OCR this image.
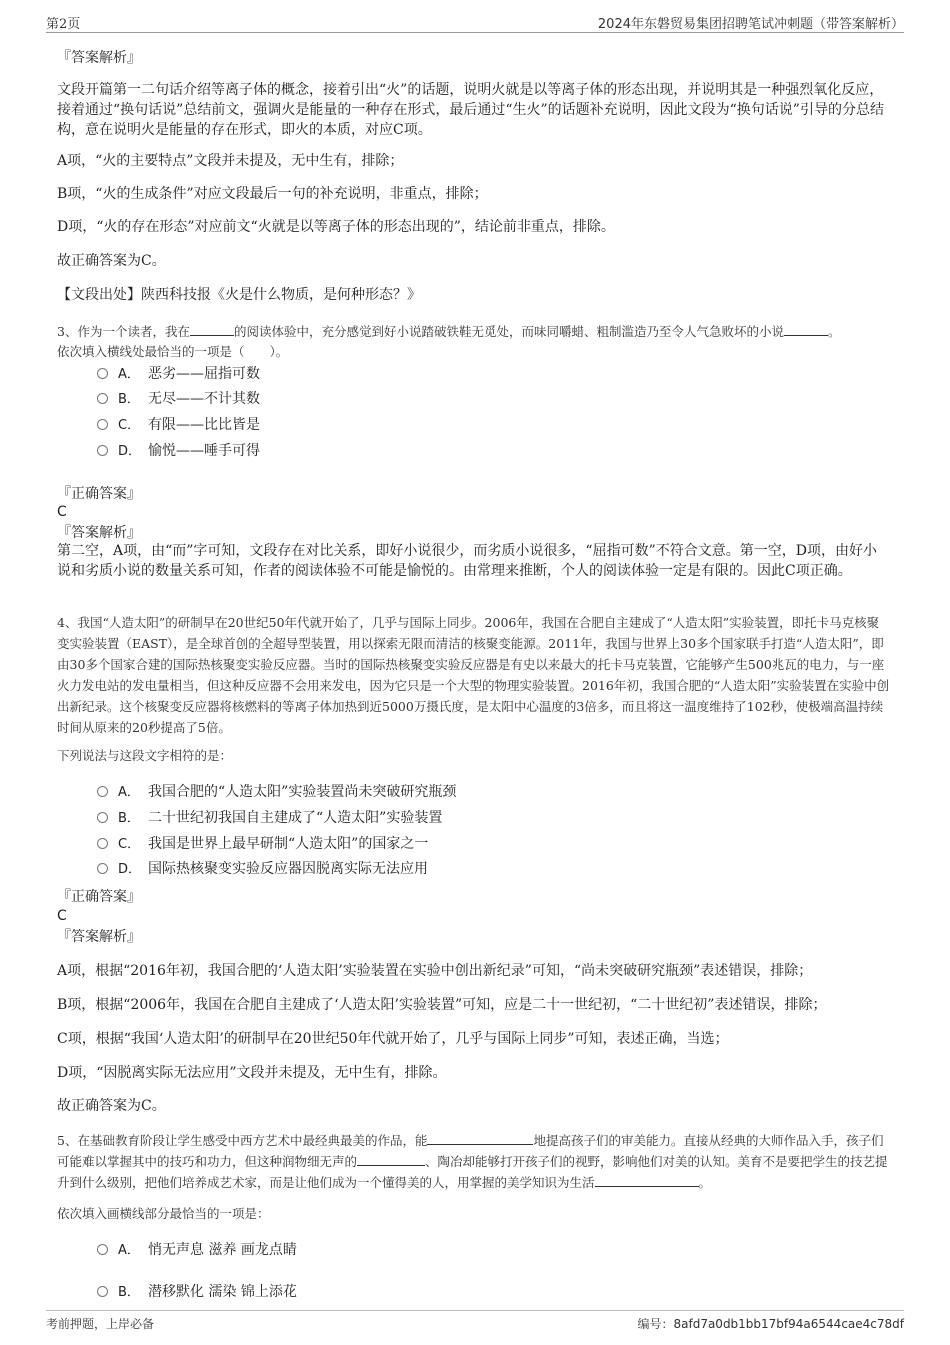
第2页	2024年东磐贸易集团招聘笔试冲刺题（带答案解析）
『答案解析』
文段开篇第一二句话介绍等离子体的概念，接着引出“火”的话题，说明火就是以等离子体的形态出现，并说明其是一种强烈氧化反应，接着通过“换句话说”总结前文，强调火是能量的一种存在形式，最后通过“生火”的话题补充说明，因此文段为“换句话说”引导的分总结构，意在说明火是能量的存在形式，即火的本质，对应C项。
A项，“火的主要特点”文段并未提及，无中生有，排除；
B项，“火的生成条件”对应文段最后一句的补充说明，非重点，排除；
D项，“火的存在形态”对应前文“火就是以等离子体的形态出现的”，结论前非重点，排除。
故正确答案为C。
【文段出处】陕西科技报《火是什么物质，是何种形态？》
3、作为一个读者，我在	的阅读体验中，充分感觉到好小说踏破铁鞋无觅处，而味同嚼蜡、粗制滥造乃至令人气急败坏的小说	。
依次填入横线处最恰当的一项是（　　）。
A． 恶劣——屈指可数
B． 无尽——不计其数
C． 有限——比比皆是
D． 愉悦——唾手可得
『正确答案』
C
『答案解析』
第二空，A项，由“而”字可知，文段存在对比关系，即好小说很少，而劣质小说很多，“屈指可数”不符合文意。第一空，D项，由好小说和劣质小说的数量关系可知，作者的阅读体验不可能是愉悦的。由常理来推断，个人的阅读体验一定是有限的。因此C项正确。
4、我国“人造太阳”的研制早在20世纪50年代就开始了，几乎与国际上同步。2006年，我国在合肥自主建成了“人造太阳”实验装置，即托卡马克核聚变实验装置（EAST），是全球首创的全超导型装置，用以探索无限而清洁的核聚变能源。2011年，我国与世界上30多个国家联手打造“人造太阳”，即由30多个国家合建的国际热核聚变实验反应器。当时的国际热核聚变实验反应器是有史以来最大的托卡马克装置，它能够产生500兆瓦的电力，与一座火力发电站的发电量相当，但这种反应器不会用来发电，因为它只是一个大型的物理实验装置。2016年初，我国合肥的“人造太阳”实验装置在实验中创出新纪录。这个核聚变反应器将核燃料的等离子体加热到近5000万摄氏度，是太阳中心温度的3倍多，而且将这一温度维持了102秒，使极端高温持续时间从原来的20秒提高了5倍。
下列说法与这段文字相符的是：
A． 我国合肥的“人造太阳”实验装置尚未突破研究瓶颈
B． 二十世纪初我国自主建成了“人造太阳”实验装置
C． 我国是世界上最早研制“人造太阳”的国家之一
D． 国际热核聚变实验反应器因脱离实际无法应用
『正确答案』
C
『答案解析』
A项，根据“2016年初，我国合肥的‘人造太阳’实验装置在实验中创出新纪录”可知，“尚未突破研究瓶颈”表述错误，排除；
B项，根据“2006年，我国在合肥自主建成了‘人造太阳’实验装置”可知，应是二十一世纪初，“二十世纪初”表述错误，排除；
C项，根据“我国‘人造太阳’的研制早在20世纪50年代就开始了，几乎与国际上同步”可知，表述正确，当选；
D项，“因脱离实际无法应用”文段并未提及，无中生有，排除。
故正确答案为C。
5、在基础教育阶段让学生感受中西方艺术中最经典最美的作品，能	地提高孩子们的审美能力。直接从经典的大师作品入手，孩子们可能难以掌握其中的技巧和功力，但这种润物细无声的	、陶冶却能够打开孩子们的视野，影响他们对美的认知。美育不是要把学生的技艺提升到什么级别，把他们培养成艺术家，而是让他们成为一个懂得美的人，用掌握的美学知识为生活	。
依次填入画横线部分最恰当的一项是：
A． 悄无声息 滋养 画龙点睛
B． 潜移默化 濡染 锦上添花
考前押题，上岸必备	编号：8afd7a0db1bb17bf94a6544cae4c78df
